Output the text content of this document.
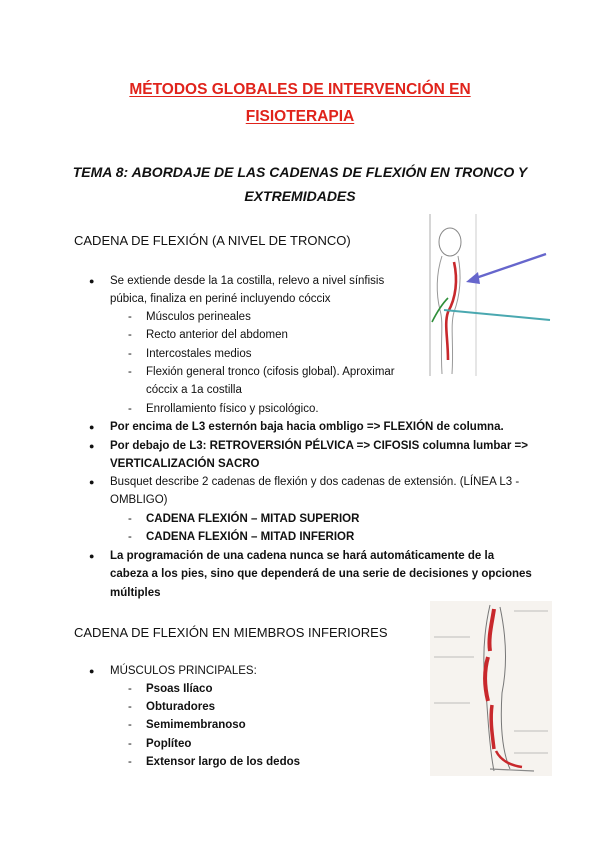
MÉTODOS GLOBALES DE INTERVENCIÓN EN
FISIOTERAPIA
TEMA 8: ABORDAJE DE LAS CADENAS DE FLEXIÓN EN TRONCO Y
EXTREMIDADES
CADENA DE FLEXIÓN (A NIVEL DE TRONCO)
● Se extiende desde la 1a costilla, relevo a nivel sínfisis
púbica, finaliza en periné incluyendo cóccix
- Músculos perineales
- Recto anterior del abdomen
- Intercostales medios
- Flexión general tronco (cifosis global). Aproximar
cóccix a 1a costilla
- Enrollamiento físico y psicológico.
● Por encima de L3 esternón baja hacia ombligo => FLEXIÓN de columna.
● Por debajo de L3: RETROVERSIÓN PÉLVICA => CIFOSIS columna lumbar =>
VERTICALIZACIÓN SACRO
● Busquet describe 2 cadenas de flexión y dos cadenas de extensión. (LÍNEA L3 -
OMBLIGO)
- CADENA FLEXIÓN – MITAD SUPERIOR
- CADENA FLEXIÓN – MITAD INFERIOR
● La programación de una cadena nunca se hará automáticamente de la
cabeza a los pies, sino que dependerá de una serie de decisiones y opciones
múltiples
CADENA DE FLEXIÓN EN MIEMBROS INFERIORES
● MÚSCULOS PRINCIPALES:
- Psoas Ilíaco
- Obturadores
- Semimembranoso
- Poplíteo
- Extensor largo de los dedos
